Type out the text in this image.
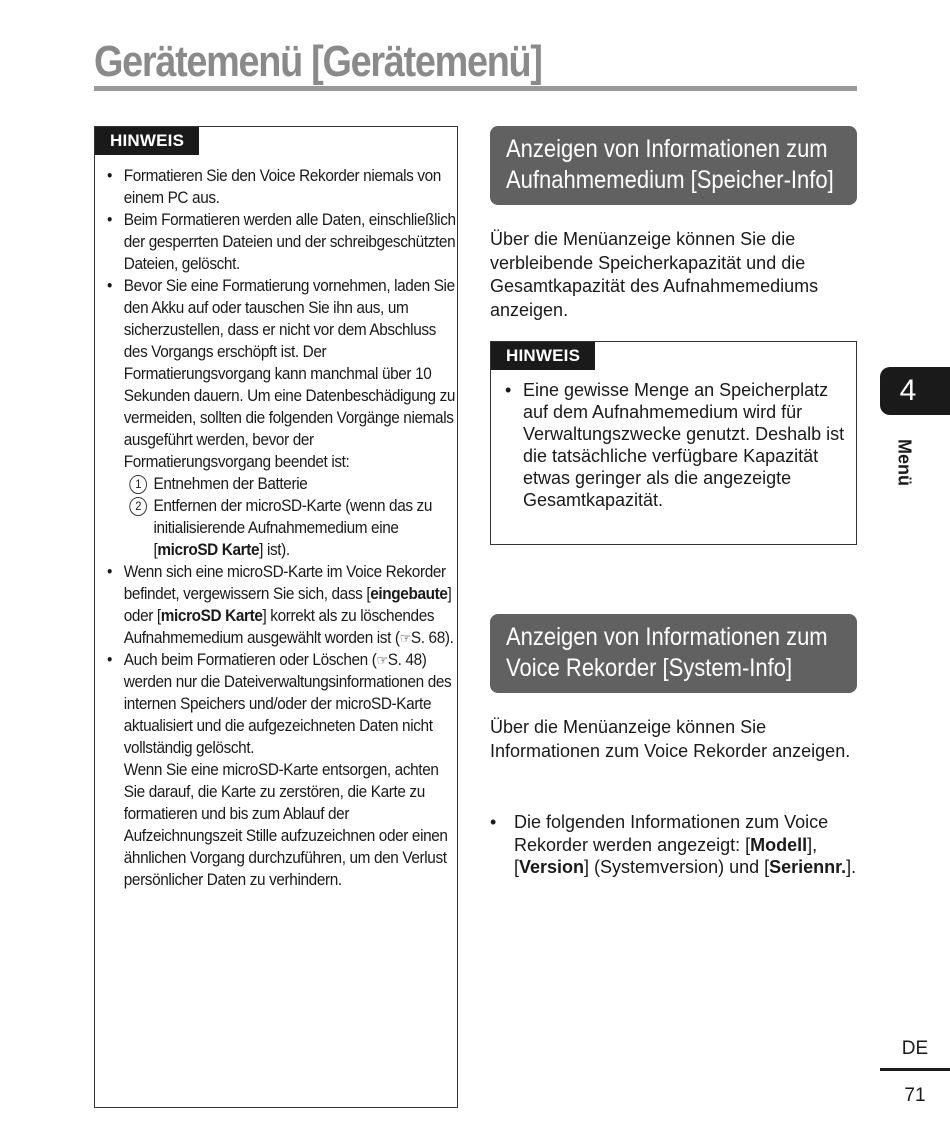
Gerätemenü [Gerätemenü]
HINWEIS
• Formatieren Sie den Voice Rekorder niemals von einem PC aus.
• Beim Formatieren werden alle Daten, einschließlich der gesperrten Dateien und der schreibgeschützten Dateien, gelöscht.
• Bevor Sie eine Formatierung vornehmen, laden Sie den Akku auf oder tauschen Sie ihn aus, um sicherzustellen, dass er nicht vor dem Abschluss des Vorgangs erschöpft ist. Der Formatierungsvorgang kann manchmal über 10 Sekunden dauern. Um eine Datenbeschädigung zu vermeiden, sollten die folgenden Vorgänge niemals ausgeführt werden, bevor der Formatierungsvorgang beendet ist:
1 Entnehmen der Batterie
2 Entfernen der microSD-Karte (wenn das zu initialisierende Aufnahmemedium eine [microSD Karte] ist).
• Wenn sich eine microSD-Karte im Voice Rekorder befindet, vergewissern Sie sich, dass [eingebaute] oder [microSD Karte] korrekt als zu löschendes Aufnahmemedium ausgewählt worden ist (☞S. 68).
• Auch beim Formatieren oder Löschen (☞S. 48) werden nur die Dateiverwaltungsinformationen des internen Speichers und/oder der microSD-Karte aktualisiert und die aufgezeichneten Daten nicht vollständig gelöscht.
Wenn Sie eine microSD-Karte entsorgen, achten Sie darauf, die Karte zu zerstören, die Karte zu formatieren und bis zum Ablauf der Aufzeichnungszeit Stille aufzuzeichnen oder einen ähnlichen Vorgang durchzuführen, um den Verlust persönlicher Daten zu verhindern.
Anzeigen von Informationen zum
Aufnahmemedium [Speicher-Info]
Über die Menüanzeige können Sie die verbleibende Speicherkapazität und die Gesamtkapazität des Aufnahmemediums anzeigen.
HINWEIS
• Eine gewisse Menge an Speicherplatz auf dem Aufnahmemedium wird für Verwaltungszwecke genutzt. Deshalb ist die tatsächliche verfügbare Kapazität etwas geringer als die angezeigte Gesamtkapazität.
Anzeigen von Informationen zum
Voice Rekorder [System-Info]
Über die Menüanzeige können Sie Informationen zum Voice Rekorder anzeigen.
• Die folgenden Informationen zum Voice Rekorder werden angezeigt: [Modell], [Version] (Systemversion) und [Seriennr.].
4
Menü
DE
71
